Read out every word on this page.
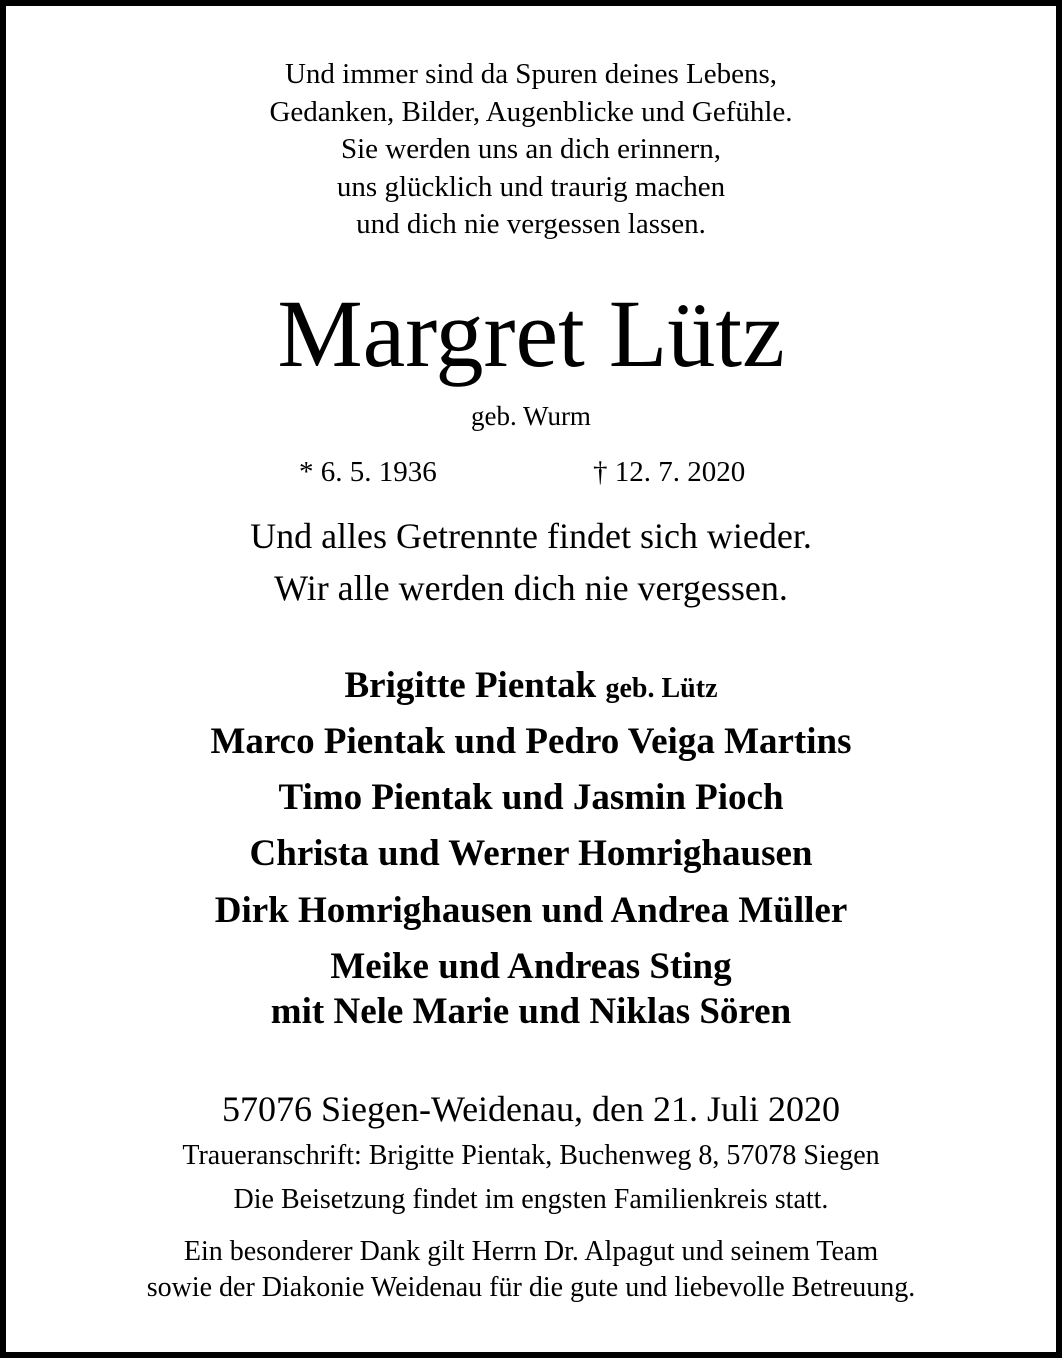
Und immer sind da Spuren deines Lebens,
Gedanken, Bilder, Augenblicke und Gefühle.
Sie werden uns an dich erinnern,
uns glücklich und traurig machen
und dich nie vergessen lassen.
Margret Lütz
geb. Wurm
* 6. 5. 1936	† 12. 7. 2020
Und alles Getrennte findet sich wieder.
Wir alle werden dich nie vergessen.
Brigitte Pientak geb. Lütz
Marco Pientak und Pedro Veiga Martins
Timo Pientak und Jasmin Pioch
Christa und Werner Homrighausen
Dirk Homrighausen und Andrea Müller
Meike und Andreas Sting
mit Nele Marie und Niklas Sören
57076 Siegen-Weidenau, den 21. Juli 2020
Traueranschrift: Brigitte Pientak, Buchenweg 8, 57078 Siegen
Die Beisetzung findet im engsten Familienkreis statt.
Ein besonderer Dank gilt Herrn Dr. Alpagut und seinem Team
sowie der Diakonie Weidenau für die gute und liebevolle Betreuung.
